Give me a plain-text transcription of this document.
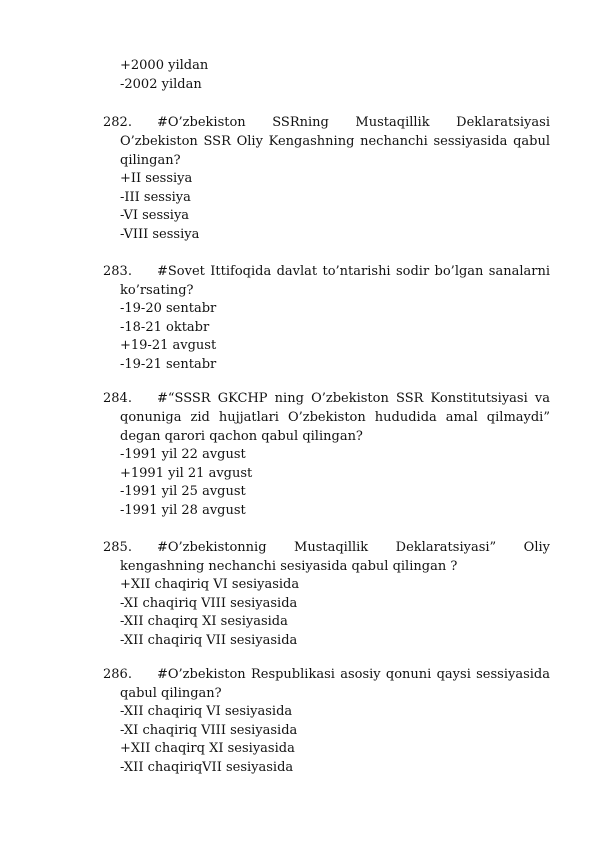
+2000 yildan
-2002 yildan
282.	#O’zbekiston SSRning Mustaqillik Deklaratsiyasi
O’zbekiston SSR Oliy Kengashning nechanchi sessiyasida qabul
qilingan?
+II sessiya
-III sessiya
-VI sessiya
-VIII sessiya
283.	#Sovet Ittifoqida davlat to’ntarishi sodir bo’lgan sanalarni
ko’rsating?
-19-20 sentabr
-18-21 oktabr
+19-21 avgust
-19-21 sentabr
284.	#“SSSR GKCHP ning O’zbekiston SSR Konstitutsiyasi va
qonuniga zid hujjatlari O’zbekiston hududida amal qilmaydi”
degan qarori qachon qabul qilingan?
-1991 yil 22 avgust
+1991 yil 21 avgust
-1991 yil 25 avgust
-1991 yil 28 avgust
285.	#O’zbekistonnig Mustaqillik Deklaratsiyasi” Oliy
kengashning nechanchi sesiyasida qabul qilingan ?
+XII chaqiriq VI sesiyasida
-XI chaqiriq VIII sesiyasida
-XII chaqirq XI sesiyasida
-XII chaqiriq VII sesiyasida
286.	#O’zbekiston Respublikasi asosiy qonuni qaysi sessiyasida
qabul qilingan?
-XII chaqiriq VI sesiyasida
-XI chaqiriq VIII sesiyasida
+XII chaqirq XI sesiyasida
-XII chaqiriqVII sesiyasida
